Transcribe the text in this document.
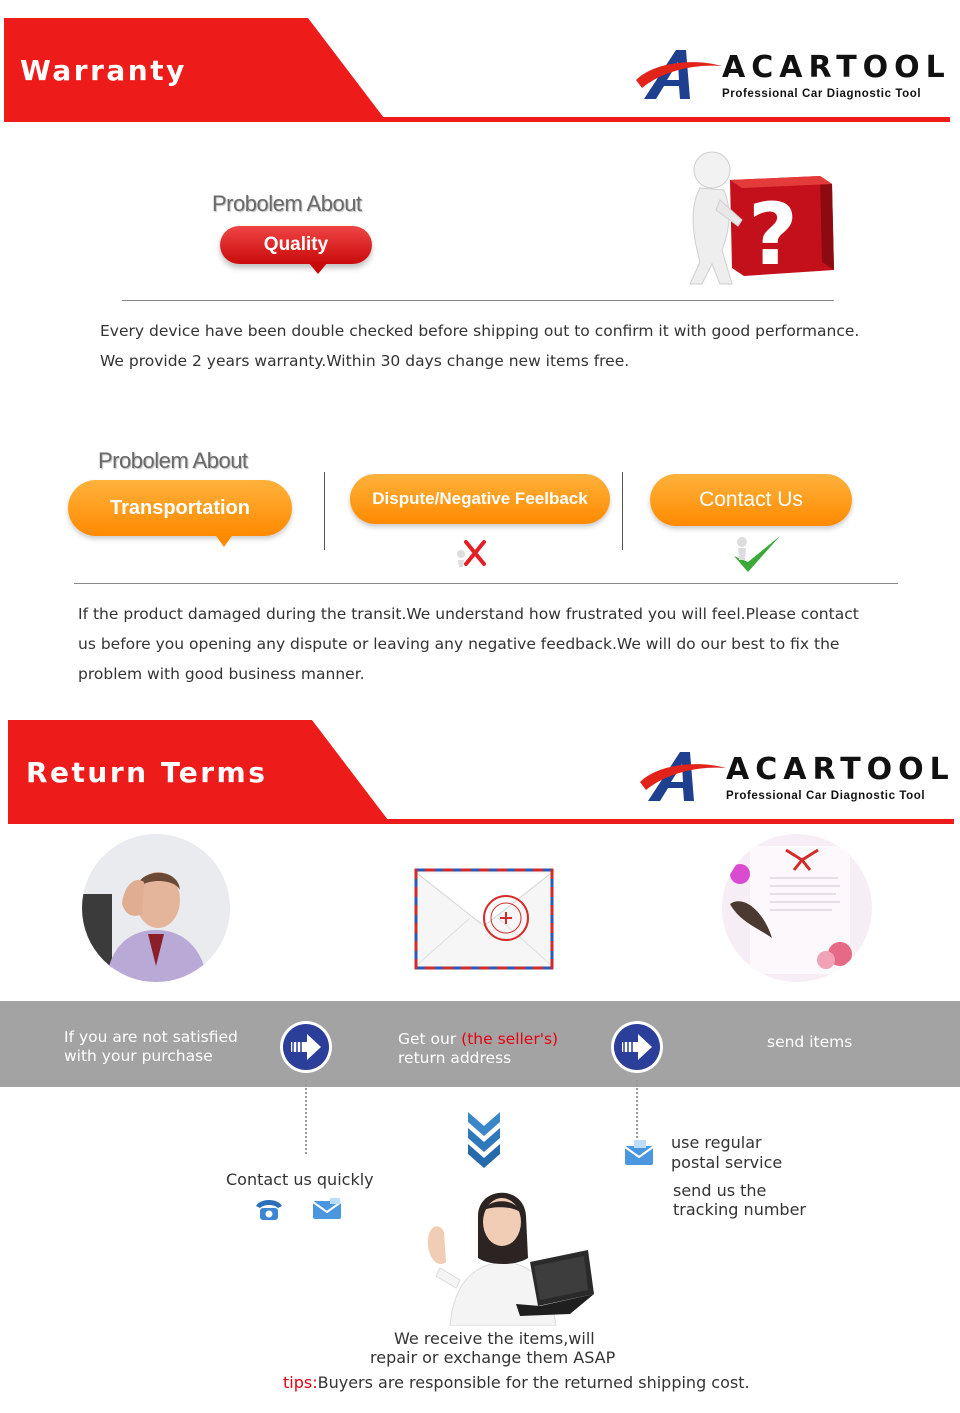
Warranty	ACARTOOL
Professional Car Diagnostic Tool
Probolem About
Quality	?
Every device have been double checked before shipping out to confirm it with good performance.
We provide 2 years warranty.Within 30 days change new items free.
Probolem About
Transportation	Dispute/Negative Feelback	Contact Us
If the product damaged during the transit.We understand how frustrated you will feel.Please contact
us before you opening any dispute or leaving any negative feedback.We will do our best to fix the
problem with good business manner.
Return Terms	ACARTOOL
Professional Car Diagnostic Tool
If you are not satisfied
with your purchase
Get our (the seller's)
return address
send items
Contact us quickly
use regular
postal service
send us the
tracking number
We receive the items,will
repair or exchange them ASAP
tips:Buyers are responsible for the returned shipping cost.
